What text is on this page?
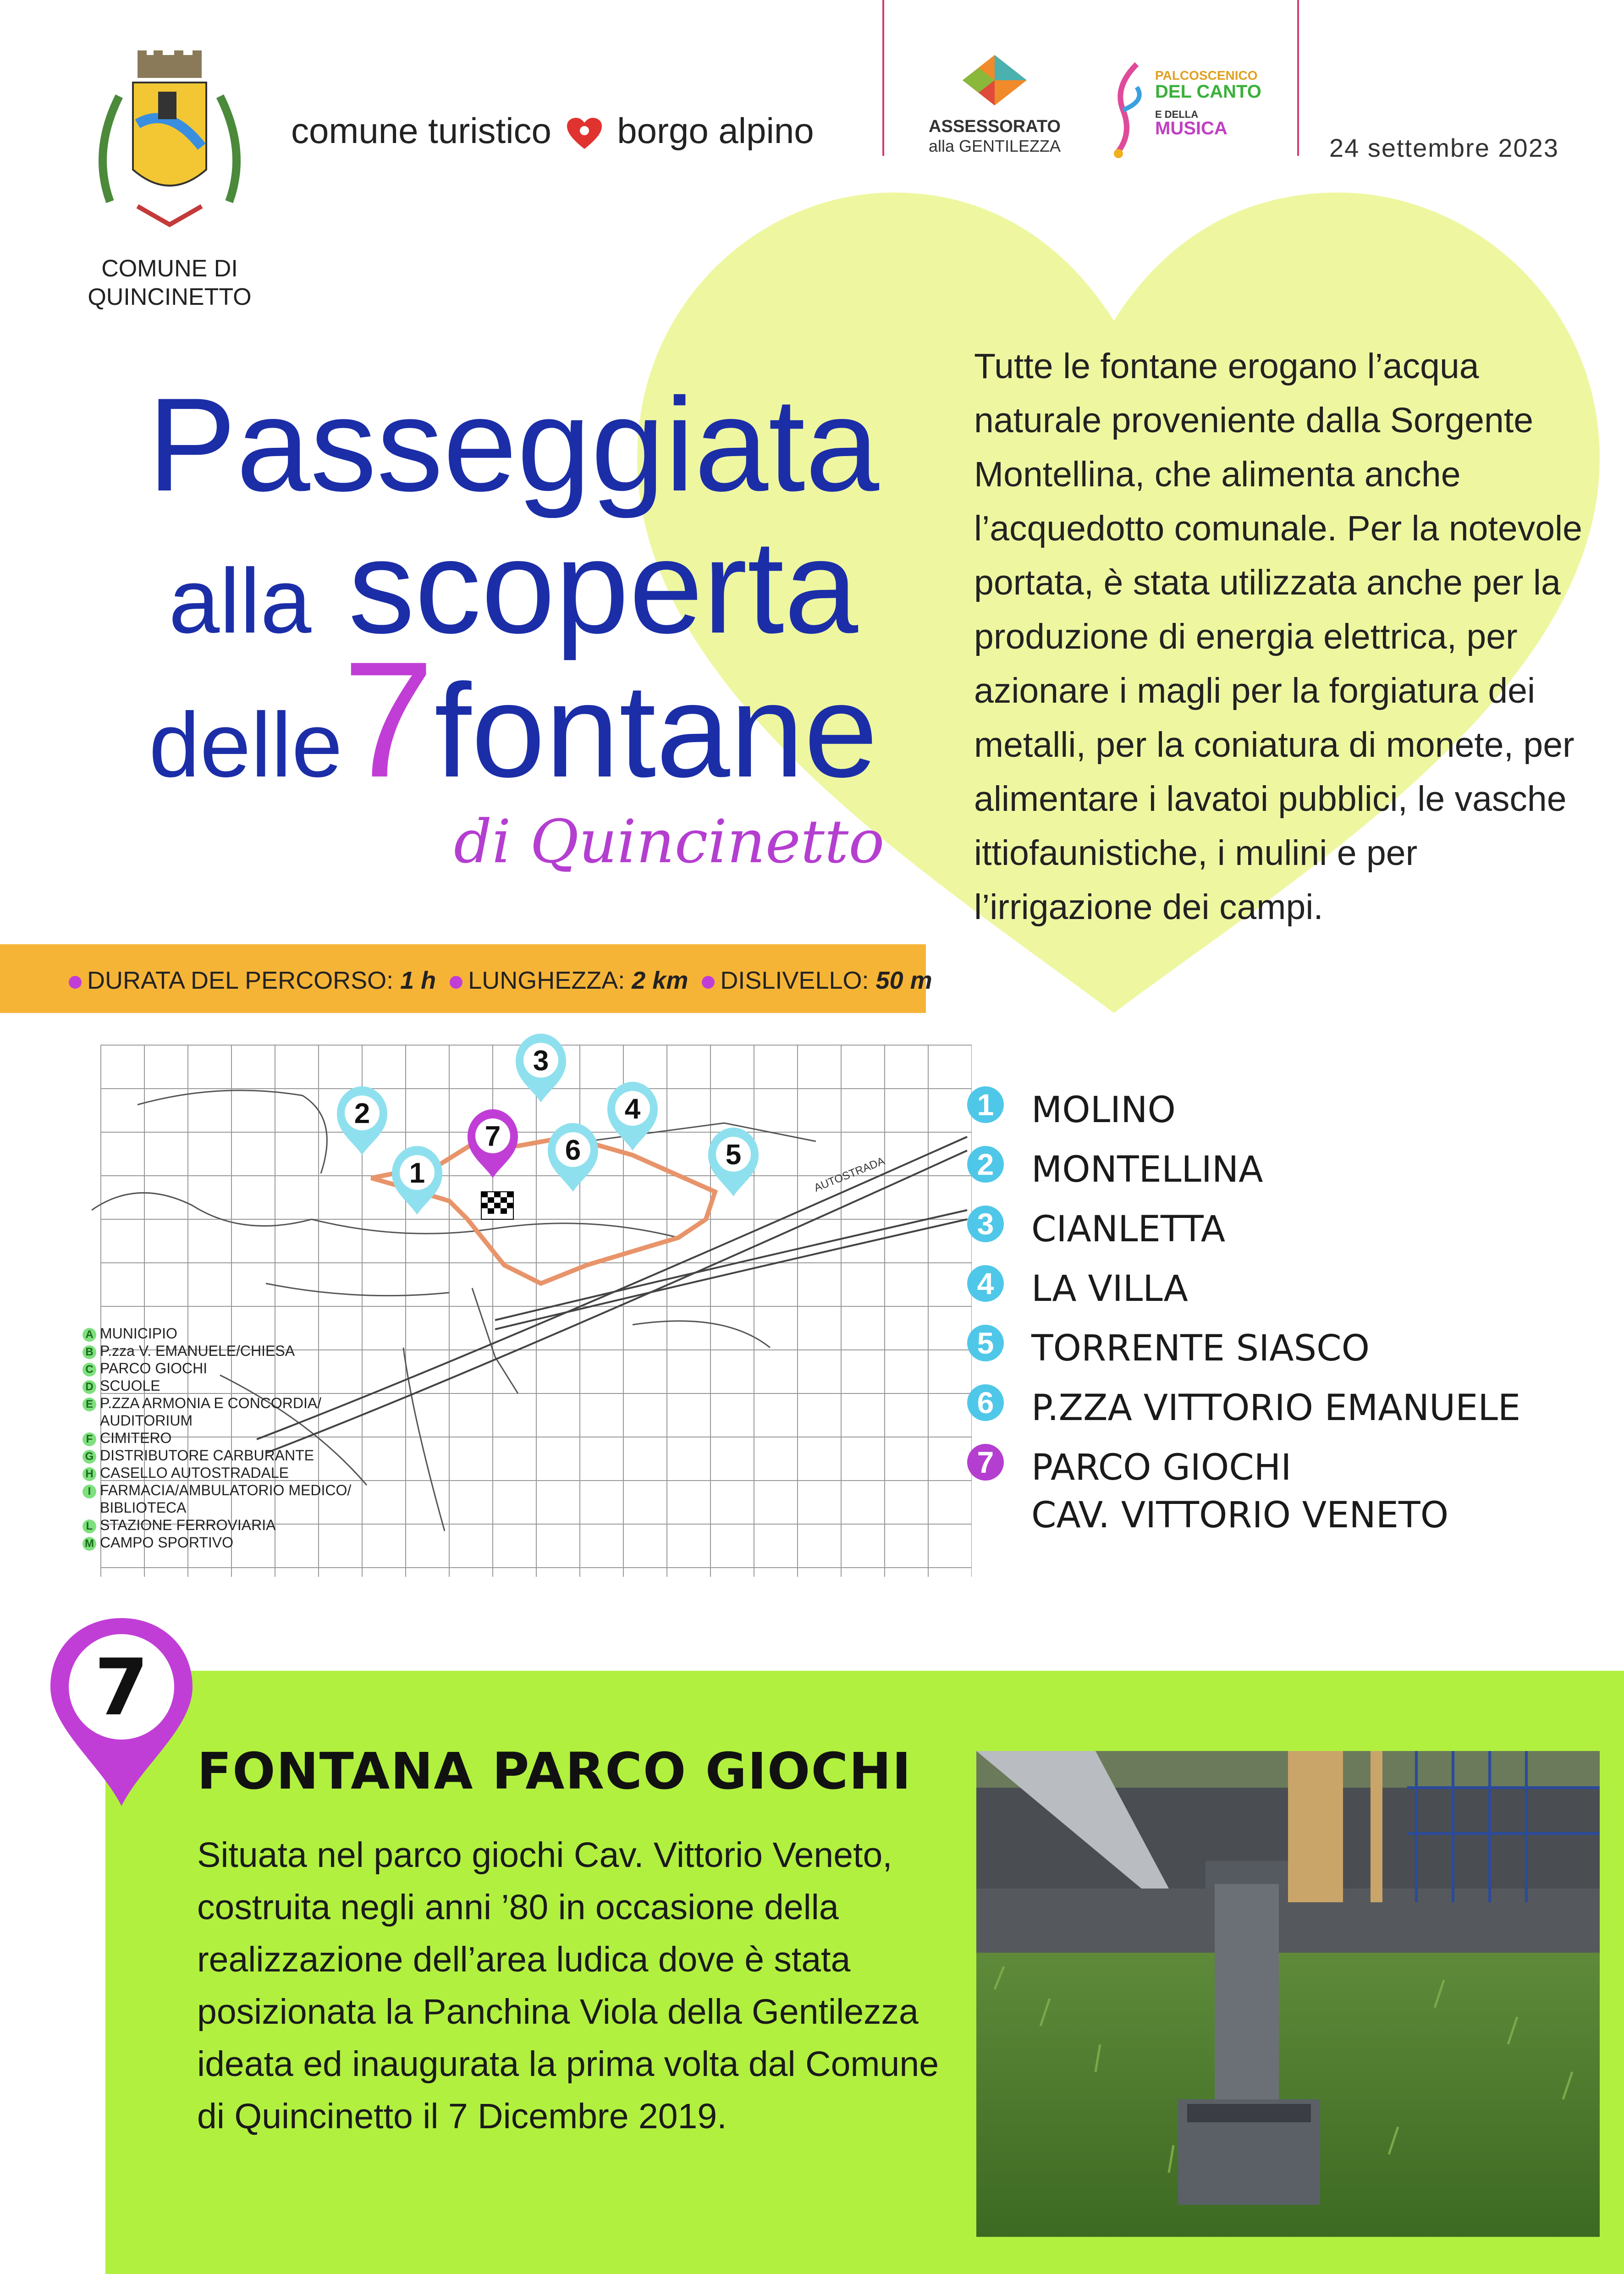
COMUNE DI
QUINCINETTO
comune turistico borgo alpino	ASSESSORATO
alla GENTILEZZA
PALCOSCENICO
DEL CANTO
E DELLA
MUSICA
24 settembre 2023
Passeggiata
alla scoperta
delle7fontane
di Quincinetto
Tutte le fontane erogano l’acqua naturale proveniente dalla Sorgente Montellina, che alimenta anche l’acquedotto comunale. Per la notevole portata, è stata utilizzata anche per la produzione di energia elettrica, per azionare i magli per la forgiatura dei metalli, per la coniatura di monete, per alimentare i lavatoi pubblici, le vasche ittiofaunistiche, i mulini e per l’irrigazione dei campi.
DURATA DEL PERCORSO: 1 h LUNGHEZZA: 2 km DISLIVELLO: 50 m
AUTOSTRADA
1
2
3
4
5
6
7
A MUNICIPIO
B P.zza V. EMANUELE/CHIESA
C PARCO GIOCHI
D SCUOLE
E P.ZZA ARMONIA E CONCORDIA/
AUDITORIUM
F CIMITERO
G DISTRIBUTORE CARBURANTE
H CASELLO AUTOSTRADALE
I FARMACIA/AMBULATORIO MEDICO/
BIBLIOTECA
L STAZIONE FERROVIARIA
M CAMPO SPORTIVO
1 MOLINO
2 MONTELLINA
3 CIANLETTA
4 LA VILLA
5 TORRENTE SIASCO
6 P.ZZA VITTORIO EMANUELE
7 PARCO GIOCHI
CAV. VITTORIO VENETO
7
FONTANA PARCO GIOCHI
Situata nel parco giochi Cav. Vittorio Veneto, costruita negli anni ’80 in occasione della realizzazione dell’area ludica dove è stata posizionata la Panchina Viola della Gentilezza ideata ed inaugurata la prima volta dal Comune di Quincinetto il 7 Dicembre 2019.
